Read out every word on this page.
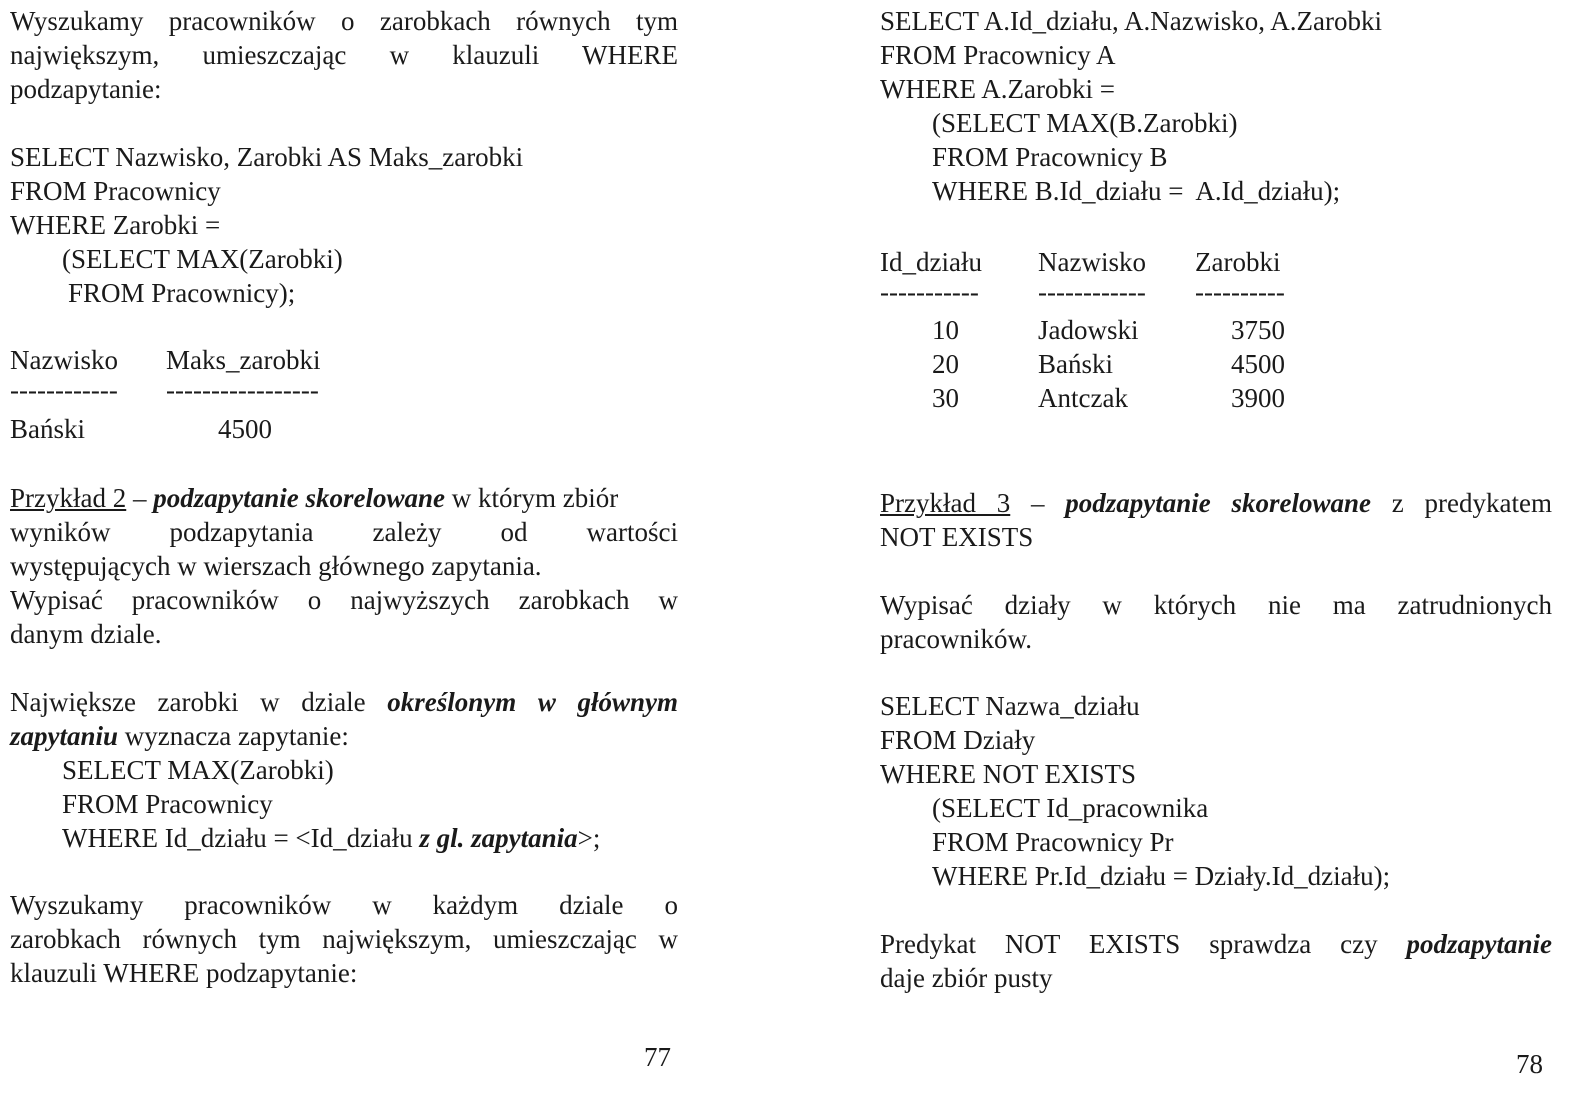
Wyszukamy pracowników o zarobkach równych tym
największym, umieszczając w klauzuli WHERE
podzapytanie:
SELECT Nazwisko, Zarobki AS Maks_zarobki
FROM Pracownicy
WHERE Zarobki =
(SELECT MAX(Zarobki)
FROM Pracownicy);
Nazwisko Maks_zarobki
------------ -----------------
Bański	4500
Przykład 2 – podzapytanie skorelowane w którym zbiór
wyników podzapytania zależy od wartości
występujących w wierszach głównego zapytania.
Wypisać pracowników o najwyższych zarobkach w
danym dziale.
Największe zarobki w dziale określonym w głównym
zapytaniu wyznacza zapytanie:
SELECT MAX(Zarobki)
FROM Pracownicy
WHERE Id_działu = <Id_działu z gl. zapytania>;
Wyszukamy pracowników w każdym dziale o
zarobkach równych tym największym, umieszczając w
klauzuli WHERE podzapytanie:
77
SELECT A.Id_działu, A.Nazwisko, A.Zarobki
FROM Pracownicy A
WHERE A.Zarobki =
(SELECT MAX(B.Zarobki)
FROM Pracownicy B
WHERE B.Id_działu =  A.Id_działu);
Id_działu Nazwisko Zarobki
----------- ------------ ----------
10	Jadowski	3750
20	Bański	4500
30	Antczak	3900
Przykład 3 – podzapytanie skorelowane z predykatem
NOT EXISTS
Wypisać działy w których nie ma zatrudnionych
pracowników.
SELECT Nazwa_działu
FROM Działy
WHERE NOT EXISTS
(SELECT Id_pracownika
FROM Pracownicy Pr
WHERE Pr.Id_działu = Działy.Id_działu);
Predykat NOT EXISTS sprawdza czy podzapytanie
daje zbiór pusty
78
